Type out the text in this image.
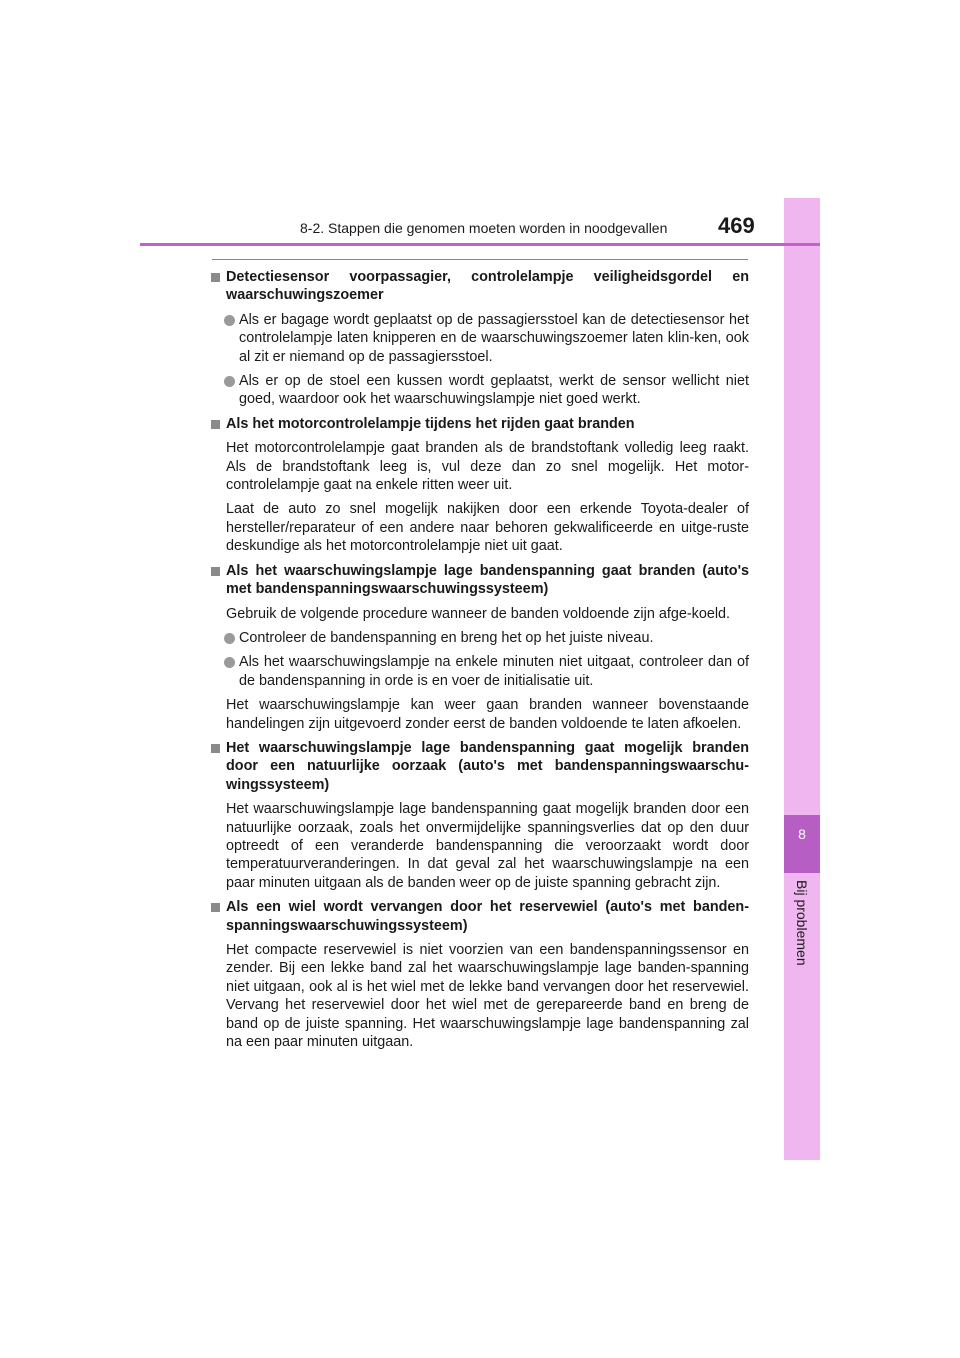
8
Bij problemen
8-2. Stappen die genomen moeten worden in noodgevallen 469
Detectiesensor voorpassagier, controlelampje veiligheidsgordel en waarschuwingszoemer
Als er bagage wordt geplaatst op de passagiersstoel kan de detectiesensor het controlelampje laten knipperen en de waarschuwingszoemer laten klin-ken, ook al zit er niemand op de passagiersstoel.
Als er op de stoel een kussen wordt geplaatst, werkt de sensor wellicht niet goed, waardoor ook het waarschuwingslampje niet goed werkt.
Als het motorcontrolelampje tijdens het rijden gaat branden
Het motorcontrolelampje gaat branden als de brandstoftank volledig leeg raakt. Als de brandstoftank leeg is, vul deze dan zo snel mogelijk. Het motor-controlelampje gaat na enkele ritten weer uit.
Laat de auto zo snel mogelijk nakijken door een erkende Toyota-dealer of hersteller/reparateur of een andere naar behoren gekwalificeerde en uitge-ruste deskundige als het motorcontrolelampje niet uit gaat.
Als het waarschuwingslampje lage bandenspanning gaat branden (auto's met bandenspanningswaarschuwingssysteem)
Gebruik de volgende procedure wanneer de banden voldoende zijn afge-koeld.
Controleer de bandenspanning en breng het op het juiste niveau.
Als het waarschuwingslampje na enkele minuten niet uitgaat, controleer dan of de bandenspanning in orde is en voer de initialisatie uit.
Het waarschuwingslampje kan weer gaan branden wanneer bovenstaande handelingen zijn uitgevoerd zonder eerst de banden voldoende te laten afkoelen.
Het waarschuwingslampje lage bandenspanning gaat mogelijk branden door een natuurlijke oorzaak (auto's met bandenspanningswaarschu-wingssysteem)
Het waarschuwingslampje lage bandenspanning gaat mogelijk branden door een natuurlijke oorzaak, zoals het onvermijdelijke spanningsverlies dat op den duur optreedt of een veranderde bandenspanning die veroorzaakt wordt door temperatuurveranderingen. In dat geval zal het waarschuwingslampje na een paar minuten uitgaan als de banden weer op de juiste spanning gebracht zijn.
Als een wiel wordt vervangen door het reservewiel (auto's met banden-spanningswaarschuwingssysteem)
Het compacte reservewiel is niet voorzien van een bandenspanningssensor en zender. Bij een lekke band zal het waarschuwingslampje lage banden-spanning niet uitgaan, ook al is het wiel met de lekke band vervangen door het reservewiel. Vervang het reservewiel door het wiel met de gerepareerde band en breng de band op de juiste spanning. Het waarschuwingslampje lage bandenspanning zal na een paar minuten uitgaan.
